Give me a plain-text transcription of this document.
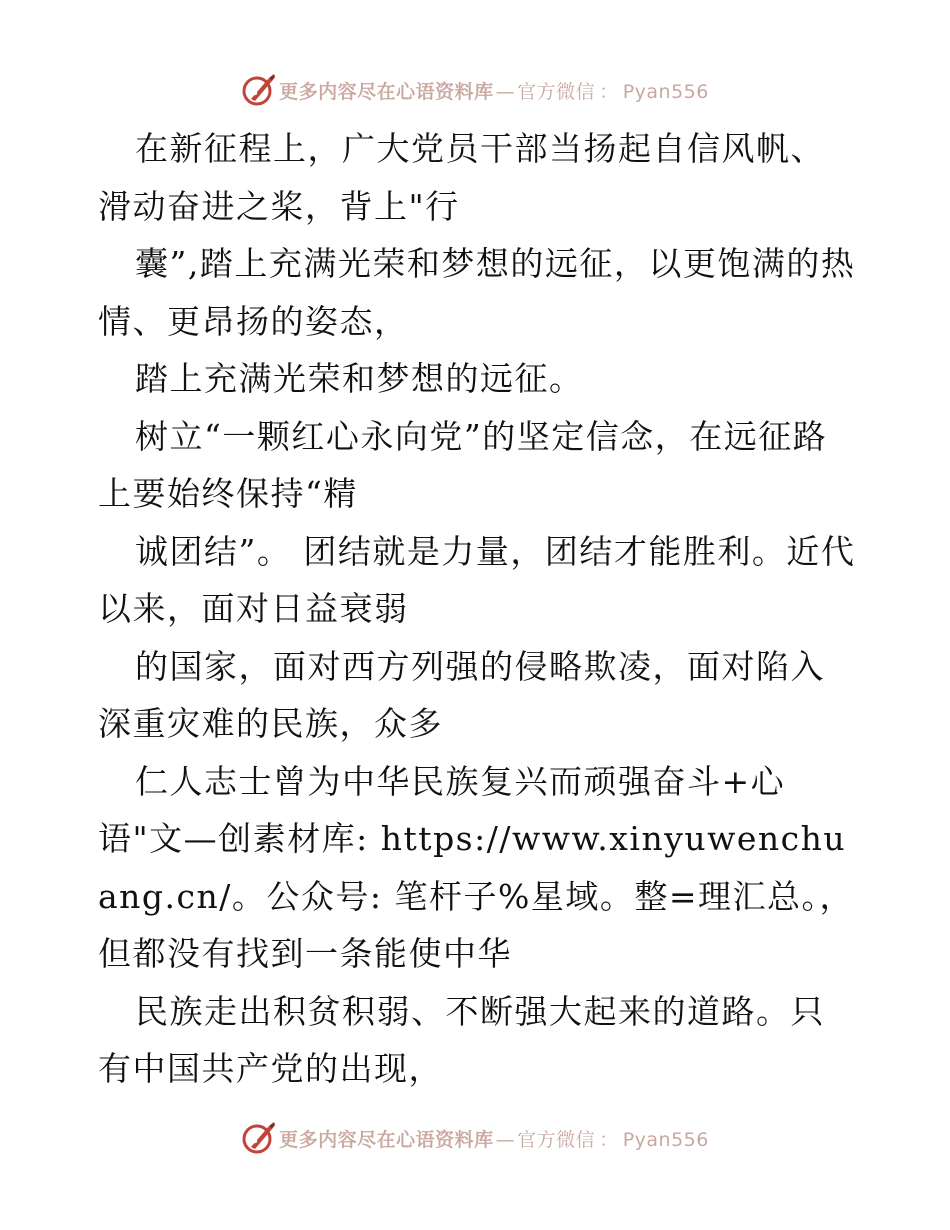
更多内容尽在心语资料库 — 官方微信 ： Pyan556

在新征程上，广大党员干部当扬起自信风帆、滑动奋进之桨，背上"行

囊”,踏上充满光荣和梦想的远征，以更饱满的热情、更昂扬的姿态，

踏上充满光荣和梦想的远征。

树立“一颗红心永向党”的坚定信念，在远征路上要始终保持“精

诚团结”。 团结就是力量，团结才能胜利。近代以来，面对日益衰弱

的国家，面对西方列强的侵略欺凌，面对陷入深重灾难的民族，众多

仁人志士曾为中华民族复兴而顽强奋斗+心语"文—创素材库: https://www.xinyuwenchuang.cn/。公众号: 笔杆子%星域。整=理汇总。，但都没有找到一条能使中华

民族走出积贫积弱、不断强大起来的道路。只有中国共产党的出现，

更多内容尽在心语资料库 — 官方微信 ： Pyan556
